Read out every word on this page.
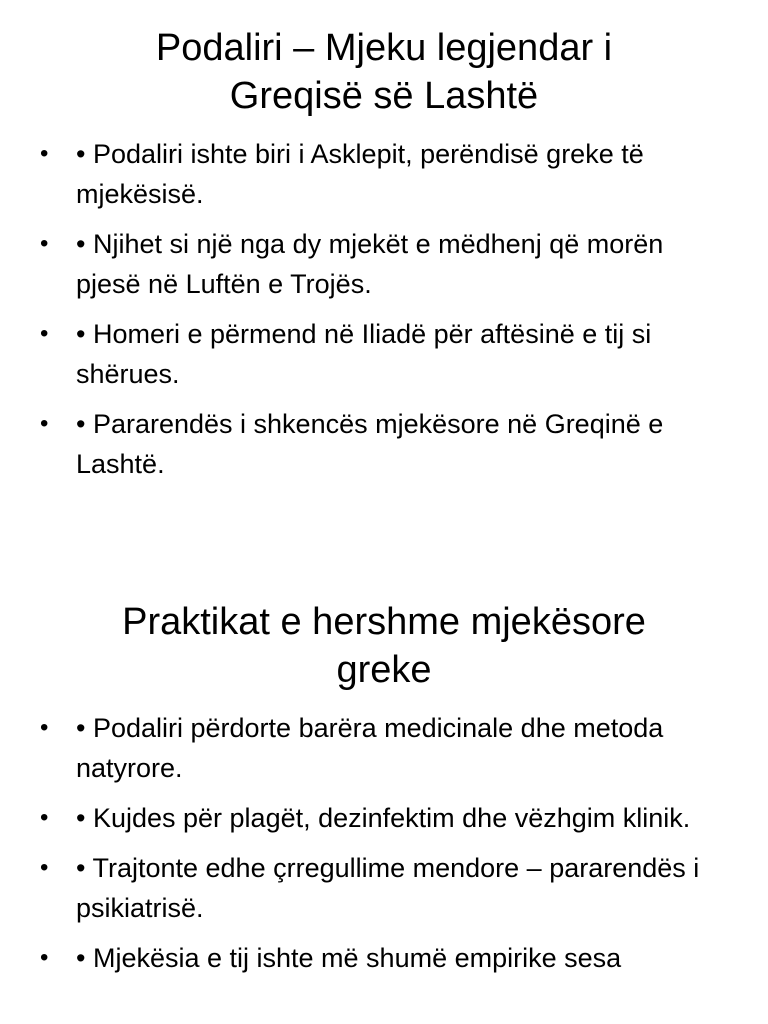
Podaliri – Mjeku legjendar i
Greqisë së Lashtë
• • Podaliri ishte biri i Asklepit, perëndisë greke të mjekësisë.
• • Njihet si një nga dy mjekët e mëdhenj që morën pjesë në Luftën e Trojës.
• • Homeri e përmend në Iliadë për aftësinë e tij si shërues.
• • Pararendës i shkencës mjekësore në Greqinë e Lashtë.
Praktikat e hershme mjekësore
greke
• • Podaliri përdorte barëra medicinale dhe metoda natyrore.
• • Kujdes për plagët, dezinfektim dhe vëzhgim klinik.
• • Trajtonte edhe çrregullime mendore – pararendës i psikiatrisë.
• • Mjekësia e tij ishte më shumë empirike sesa
